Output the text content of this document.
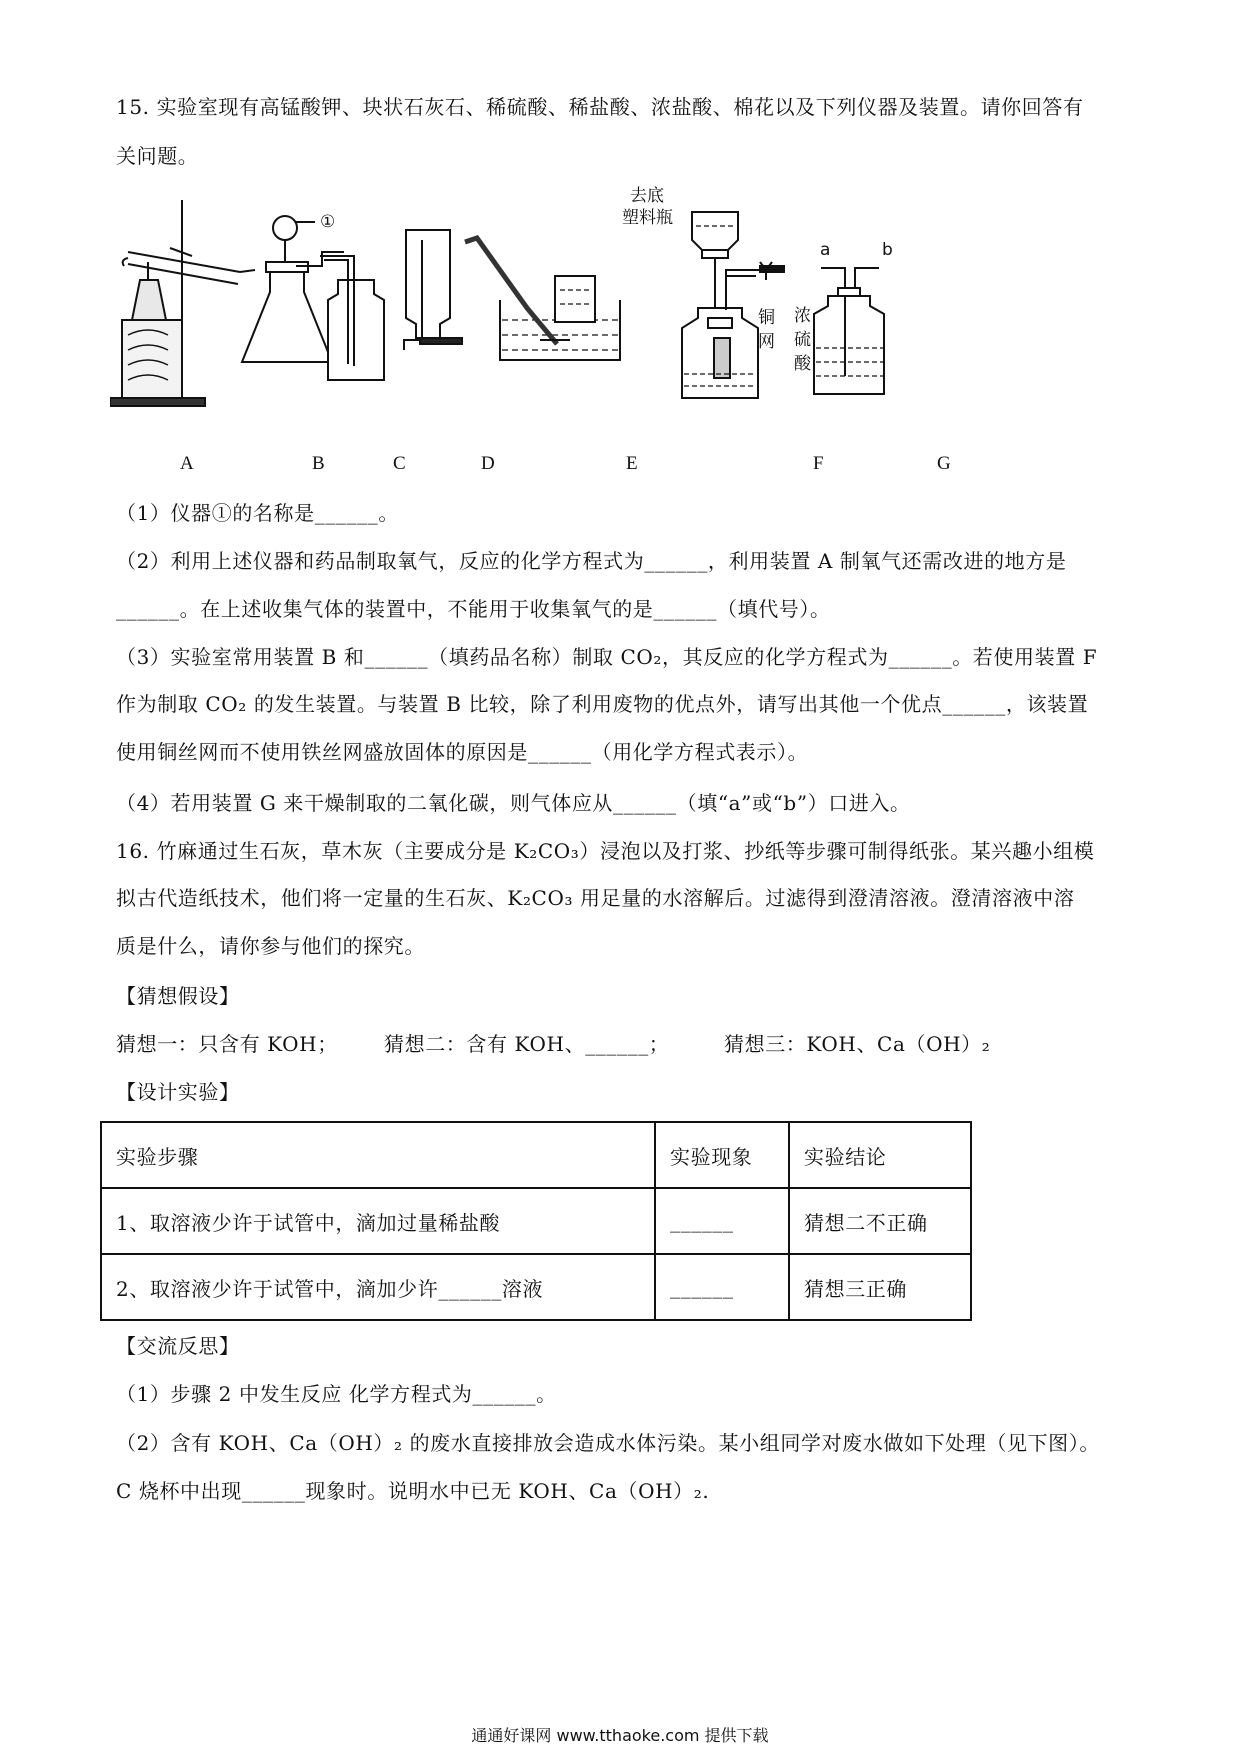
15. 实验室现有高锰酸钾、块状石灰石、稀硫酸、稀盐酸、浓盐酸、棉花以及下列仪器及装置。请你回答有
关问题。
①
去底
塑料瓶
铜
网
a	b
浓
硫
酸
A	B	C	D	E	F	G
（1）仪器①的名称是______。
（2）利用上述仪器和药品制取氧气，反应的化学方程式为______，利用装置 A 制氧气还需改进的地方是
______。在上述收集气体的装置中，不能用于收集氧气的是______（填代号）。
（3）实验室常用装置 B 和______（填药品名称）制取 CO₂，其反应的化学方程式为______。若使用装置 F
作为制取 CO₂ 的发生装置。与装置 B 比较，除了利用废物的优点外，请写出其他一个优点______，该装置
使用铜丝网而不使用铁丝网盛放固体的原因是______（用化学方程式表示）。
（4）若用装置 G 来干燥制取的二氧化碳，则气体应从______（填“a”或“b”）口进入。
16. 竹麻通过生石灰，草木灰（主要成分是 K₂CO₃）浸泡以及打浆、抄纸等步骤可制得纸张。某兴趣小组模
拟古代造纸技术，他们将一定量的生石灰、K₂CO₃ 用足量的水溶解后。过滤得到澄清溶液。澄清溶液中溶
质是什么，请你参与他们的探究。
【猜想假设】
猜想一：只含有 KOH； 猜想二：含有 KOH、______；	猜想三：KOH、Ca（OH）₂
【设计实验】
实验步骤	实验现象	实验结论
1、取溶液少许于试管中，滴加过量稀盐酸	______	猜想二不正确
2、取溶液少许于试管中，滴加少许______溶液	______	猜想三正确
【交流反思】
（1）步骤 2 中发生反应 化学方程式为______。
（2）含有 KOH、Ca（OH）₂ 的废水直接排放会造成水体污染。某小组同学对废水做如下处理（见下图）。
C 烧杯中出现______现象时。说明水中已无 KOH、Ca（OH）₂.
通通好课网 www.tthaoke.com 提供下载
